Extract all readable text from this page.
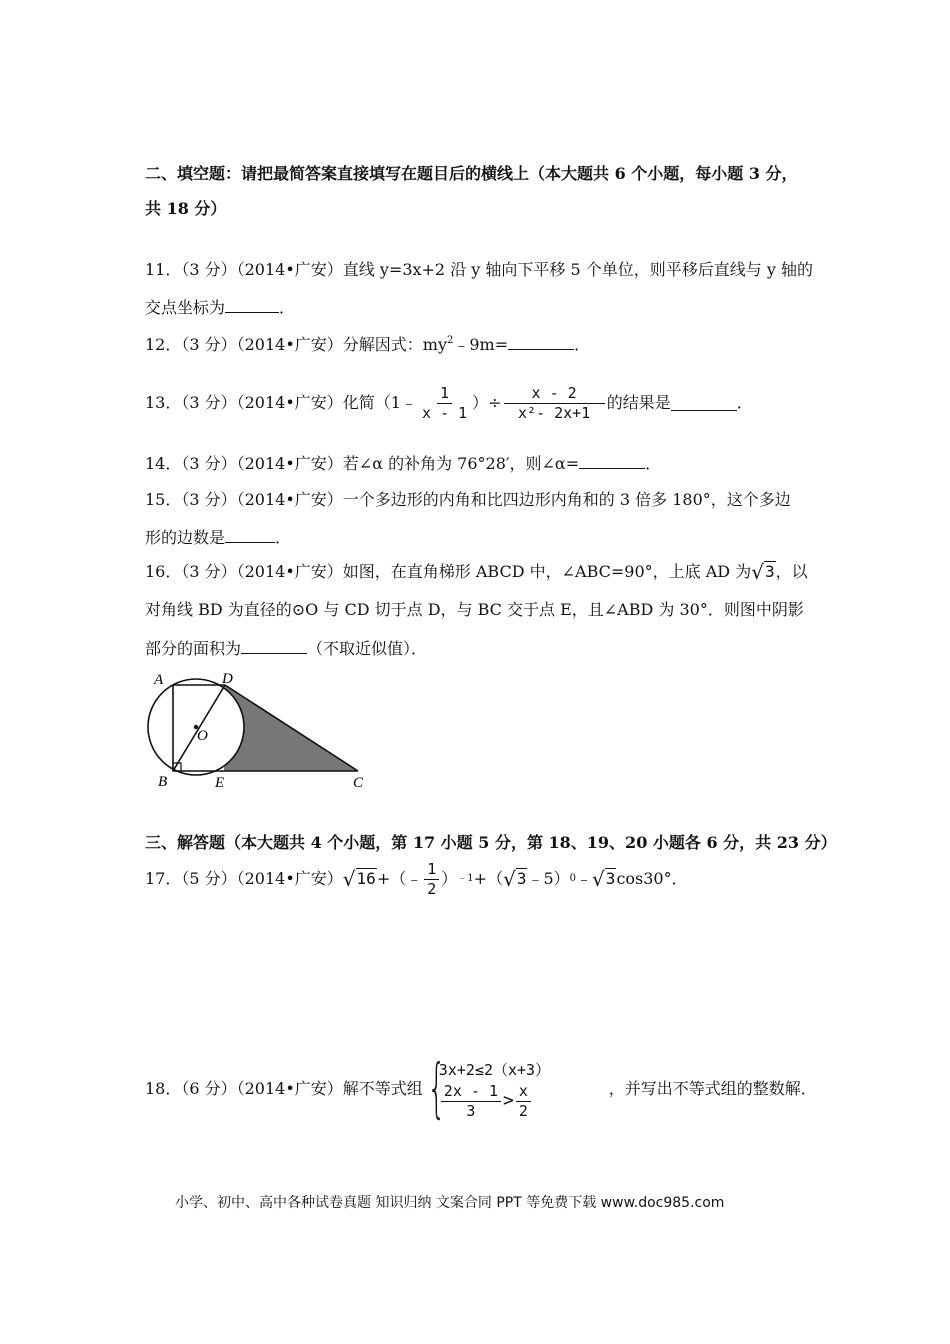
二、填空题：请把最简答案直接填写在题目后的横线上（本大题共 6 个小题，每小题 3 分，
共 18 分）
11．（3 分）（2014•广安）直线 y=3x+2 沿 y 轴向下平移 5 个单位，则平移后直线与 y 轴的
交点坐标为	．
12．（3 分）（2014•广安）分解因式：$my^2﹣9m=$	．
13．（3 分）（2014•广安）化简（1﹣ $\frac{1}{x - 1}$ ）÷ $\frac{x - 2}{\text{x²- 2x+1}}$ 的结果是	．
14．（3 分）（2014•广安）若∠α 的补角为 76°28′，则∠α=	．
15．（3 分）（2014•广安）一个多边形的内角和比四边形内角和的 3 倍多 180°，这个多边
形的边数是	．
16．（3 分）（2014•广安）如图，在直角梯形 ABCD 中，∠ABC=90°，上底 AD 为√3，以
对角线 BD 为直径的⊙O 与 CD 切于点 D，与 BC 交于点 E，且∠ABD 为 30°．则图中阴影
部分的面积为	（不取近似值）．
A	D
O
B	E	C
三、解答题（本大题共 4 个小题，第 17 小题 5 分，第 18、19、20 小题各 6 分，共 23 分）
17．（5 分）（2014•广安） √16 +（﹣ $\frac{1}{2}$ ） ﹣1 +（ √3 ﹣5） 0 ﹣ √3 cos30°．
18．（6 分）（2014•广安）解不等式组 {
3x+2≤2（x+3）
$\frac{2x - 1}{3} > \frac{x}{2}$	，并写出不等式组的整数解．
小学、初中、高中各种试卷真题 知识归纳 文案合同 PPT 等免费下载 www.doc985.com
